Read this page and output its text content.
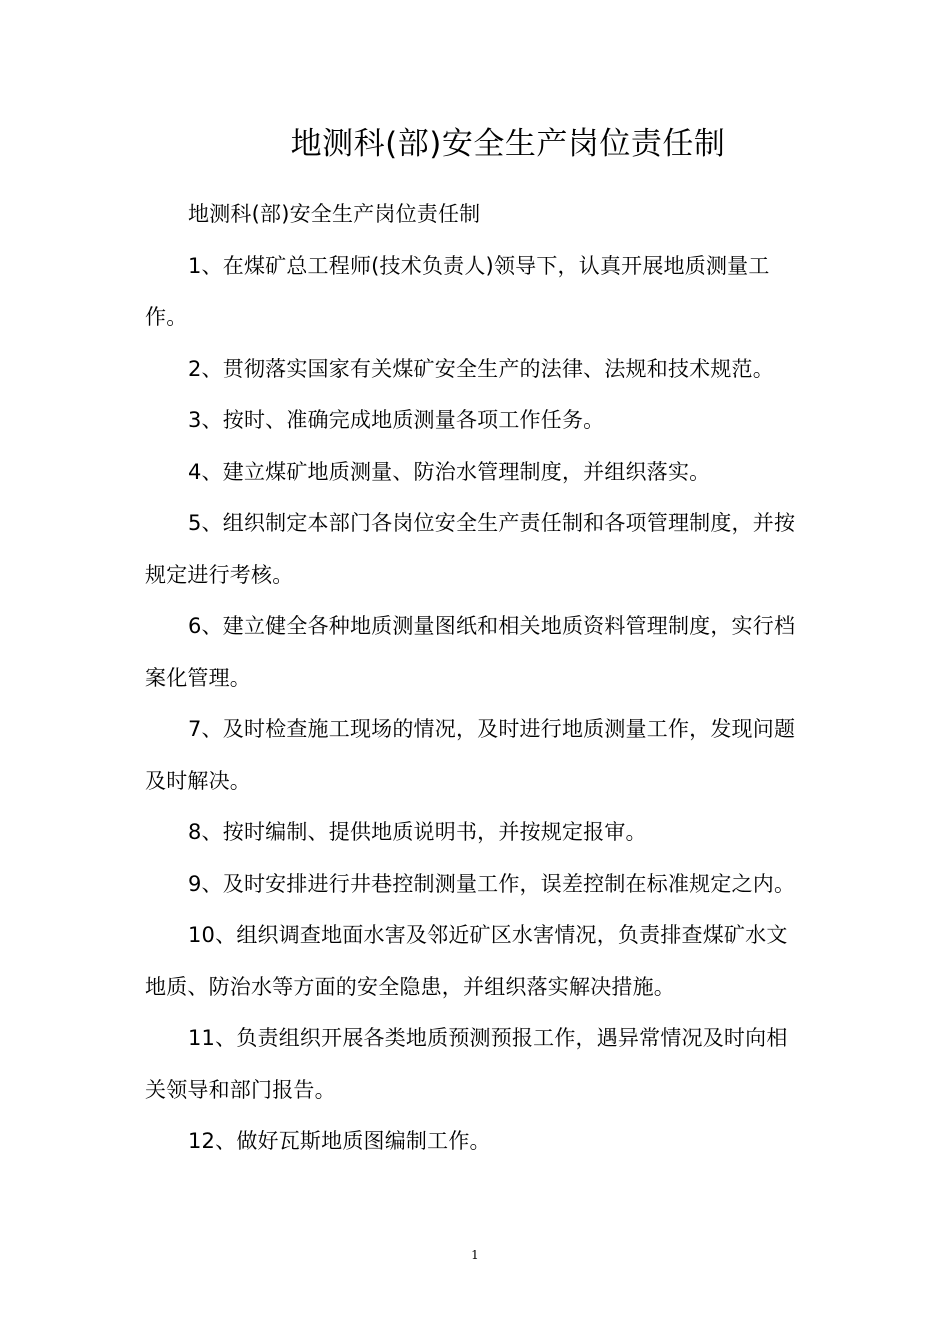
地测科(部)安全生产岗位责任制

地测科(部)安全生产岗位责任制

1、在煤矿总工程师(技术负责人)领导下，认真开展地质测量工作。

2、贯彻落实国家有关煤矿安全生产的法律、法规和技术规范。

3、按时、准确完成地质测量各项工作任务。

4、建立煤矿地质测量、防治水管理制度，并组织落实。

5、组织制定本部门各岗位安全生产责任制和各项管理制度，并按规定进行考核。

6、建立健全各种地质测量图纸和相关地质资料管理制度，实行档案化管理。

7、及时检查施工现场的情况，及时进行地质测量工作，发现问题及时解决。

8、按时编制、提供地质说明书，并按规定报审。

9、及时安排进行井巷控制测量工作，误差控制在标准规定之内。

10、组织调查地面水害及邻近矿区水害情况，负责排查煤矿水文地质、防治水等方面的安全隐患，并组织落实解决措施。

11、负责组织开展各类地质预测预报工作，遇异常情况及时向相关领导和部门报告。

12、做好瓦斯地质图编制工作。

1
